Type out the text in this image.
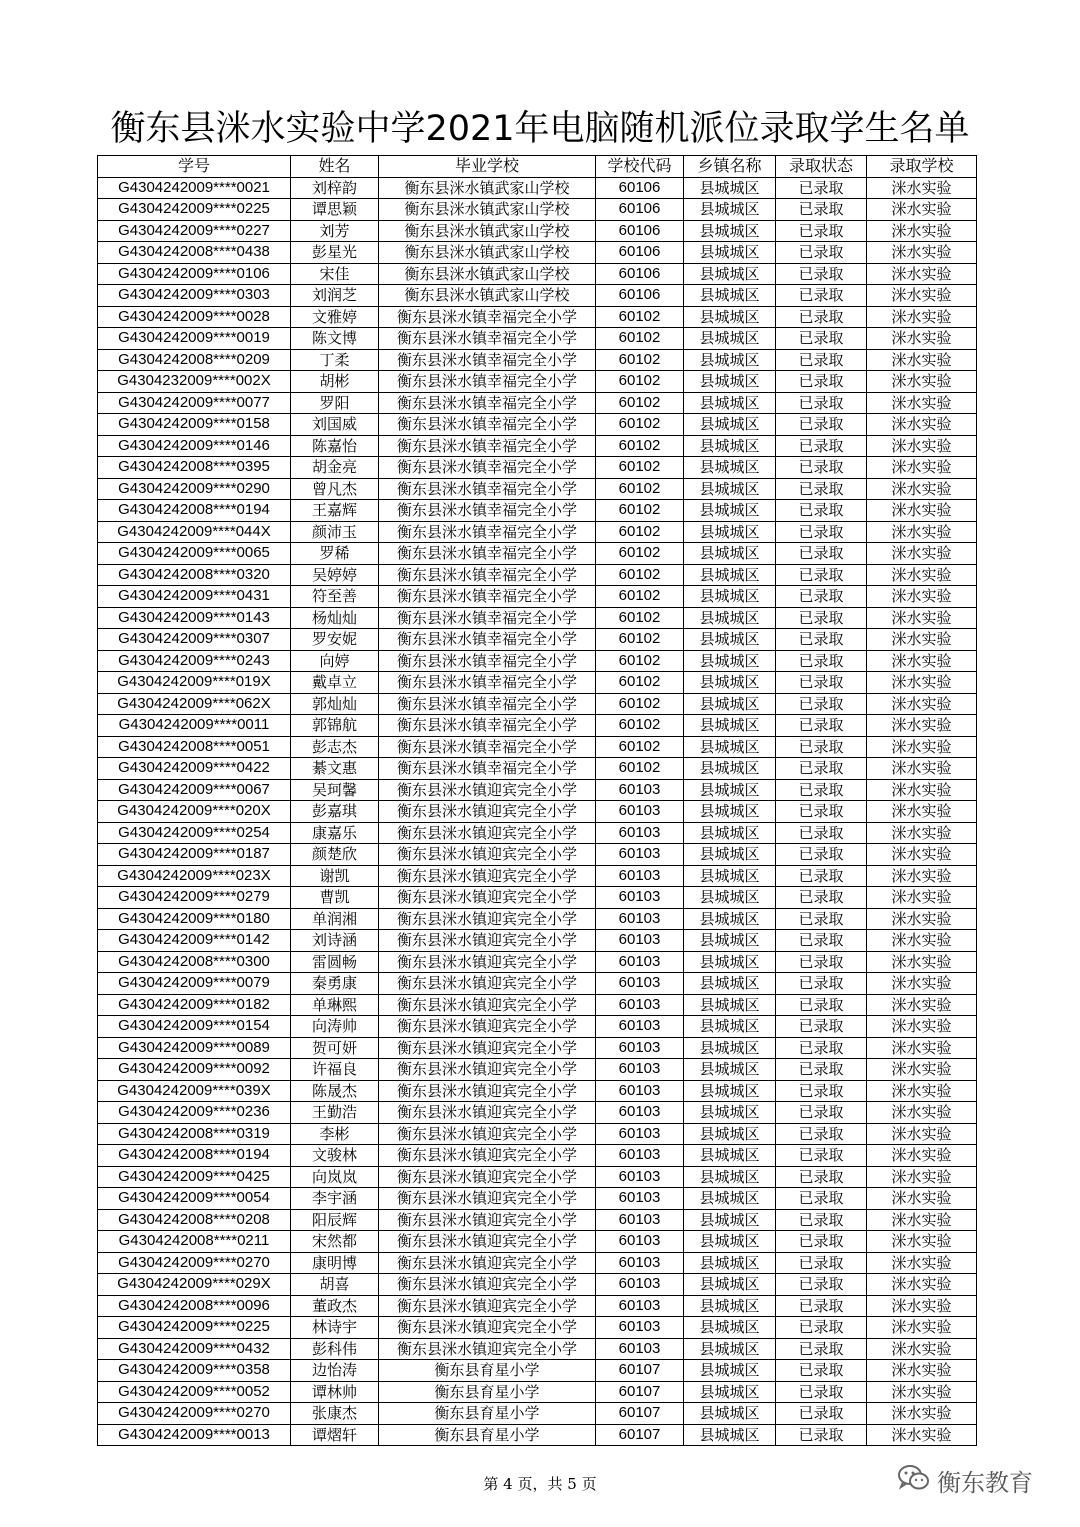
衡东县洣水实验中学2021年电脑随机派位录取学生名单
学号	姓名	毕业学校	学校代码	乡镇名称	录取状态	录取学校
G4304242009****0021	刘梓韵	衡东县洣水镇武家山学校	60106	县城城区	已录取	洣水实验
G4304242009****0225	谭思颖	衡东县洣水镇武家山学校	60106	县城城区	已录取	洣水实验
G4304242009****0227	刘芳	衡东县洣水镇武家山学校	60106	县城城区	已录取	洣水实验
G4304242008****0438	彭星光	衡东县洣水镇武家山学校	60106	县城城区	已录取	洣水实验
G4304242009****0106	宋佳	衡东县洣水镇武家山学校	60106	县城城区	已录取	洣水实验
G4304242009****0303	刘润芝	衡东县洣水镇武家山学校	60106	县城城区	已录取	洣水实验
G4304242009****0028	文雅婷	衡东县洣水镇幸福完全小学	60102	县城城区	已录取	洣水实验
G4304242009****0019	陈文博	衡东县洣水镇幸福完全小学	60102	县城城区	已录取	洣水实验
G4304242008****0209	丁柔	衡东县洣水镇幸福完全小学	60102	县城城区	已录取	洣水实验
G4304232009****002X	胡彬	衡东县洣水镇幸福完全小学	60102	县城城区	已录取	洣水实验
G4304242009****0077	罗阳	衡东县洣水镇幸福完全小学	60102	县城城区	已录取	洣水实验
G4304242009****0158	刘国威	衡东县洣水镇幸福完全小学	60102	县城城区	已录取	洣水实验
G4304242009****0146	陈嘉怡	衡东县洣水镇幸福完全小学	60102	县城城区	已录取	洣水实验
G4304242008****0395	胡金亮	衡东县洣水镇幸福完全小学	60102	县城城区	已录取	洣水实验
G4304242009****0290	曾凡杰	衡东县洣水镇幸福完全小学	60102	县城城区	已录取	洣水实验
G4304242008****0194	王嘉辉	衡东县洣水镇幸福完全小学	60102	县城城区	已录取	洣水实验
G4304242009****044X	颜沛玉	衡东县洣水镇幸福完全小学	60102	县城城区	已录取	洣水实验
G4304242009****0065	罗稀	衡东县洣水镇幸福完全小学	60102	县城城区	已录取	洣水实验
G4304242008****0320	吴婷婷	衡东县洣水镇幸福完全小学	60102	县城城区	已录取	洣水实验
G4304242009****0431	符至善	衡东县洣水镇幸福完全小学	60102	县城城区	已录取	洣水实验
G4304242009****0143	杨灿灿	衡东县洣水镇幸福完全小学	60102	县城城区	已录取	洣水实验
G4304242009****0307	罗安妮	衡东县洣水镇幸福完全小学	60102	县城城区	已录取	洣水实验
G4304242009****0243	向婷	衡东县洣水镇幸福完全小学	60102	县城城区	已录取	洣水实验
G4304242009****019X	戴卓立	衡东县洣水镇幸福完全小学	60102	县城城区	已录取	洣水实验
G4304242009****062X	郭灿灿	衡东县洣水镇幸福完全小学	60102	县城城区	已录取	洣水实验
G4304242009****0011	郭锦航	衡东县洣水镇幸福完全小学	60102	县城城区	已录取	洣水实验
G4304242008****0051	彭志杰	衡东县洣水镇幸福完全小学	60102	县城城区	已录取	洣水实验
G4304242009****0422	綦文惠	衡东县洣水镇幸福完全小学	60102	县城城区	已录取	洣水实验
G4304242009****0067	吴珂馨	衡东县洣水镇迎宾完全小学	60103	县城城区	已录取	洣水实验
G4304242009****020X	彭嘉琪	衡东县洣水镇迎宾完全小学	60103	县城城区	已录取	洣水实验
G4304242009****0254	康嘉乐	衡东县洣水镇迎宾完全小学	60103	县城城区	已录取	洣水实验
G4304242009****0187	颜楚欣	衡东县洣水镇迎宾完全小学	60103	县城城区	已录取	洣水实验
G4304242009****023X	谢凯	衡东县洣水镇迎宾完全小学	60103	县城城区	已录取	洣水实验
G4304242009****0279	曹凯	衡东县洣水镇迎宾完全小学	60103	县城城区	已录取	洣水实验
G4304242009****0180	单润湘	衡东县洣水镇迎宾完全小学	60103	县城城区	已录取	洣水实验
G4304242009****0142	刘诗涵	衡东县洣水镇迎宾完全小学	60103	县城城区	已录取	洣水实验
G4304242008****0300	雷圆畅	衡东县洣水镇迎宾完全小学	60103	县城城区	已录取	洣水实验
G4304242009****0079	秦勇康	衡东县洣水镇迎宾完全小学	60103	县城城区	已录取	洣水实验
G4304242009****0182	单琳熙	衡东县洣水镇迎宾完全小学	60103	县城城区	已录取	洣水实验
G4304242009****0154	向涛帅	衡东县洣水镇迎宾完全小学	60103	县城城区	已录取	洣水实验
G4304242009****0089	贺可妍	衡东县洣水镇迎宾完全小学	60103	县城城区	已录取	洣水实验
G4304242009****0092	许福良	衡东县洣水镇迎宾完全小学	60103	县城城区	已录取	洣水实验
G4304242009****039X	陈晟杰	衡东县洣水镇迎宾完全小学	60103	县城城区	已录取	洣水实验
G4304242009****0236	王勤浩	衡东县洣水镇迎宾完全小学	60103	县城城区	已录取	洣水实验
G4304242008****0319	李彬	衡东县洣水镇迎宾完全小学	60103	县城城区	已录取	洣水实验
G4304242008****0194	文骏林	衡东县洣水镇迎宾完全小学	60103	县城城区	已录取	洣水实验
G4304242009****0425	向岚岚	衡东县洣水镇迎宾完全小学	60103	县城城区	已录取	洣水实验
G4304242009****0054	李宇涵	衡东县洣水镇迎宾完全小学	60103	县城城区	已录取	洣水实验
G4304242008****0208	阳辰辉	衡东县洣水镇迎宾完全小学	60103	县城城区	已录取	洣水实验
G4304242008****0211	宋然都	衡东县洣水镇迎宾完全小学	60103	县城城区	已录取	洣水实验
G4304242009****0270	康明博	衡东县洣水镇迎宾完全小学	60103	县城城区	已录取	洣水实验
G4304242009****029X	胡喜	衡东县洣水镇迎宾完全小学	60103	县城城区	已录取	洣水实验
G4304242008****0096	董政杰	衡东县洣水镇迎宾完全小学	60103	县城城区	已录取	洣水实验
G4304242009****0225	林诗宇	衡东县洣水镇迎宾完全小学	60103	县城城区	已录取	洣水实验
G4304242009****0432	彭科伟	衡东县洣水镇迎宾完全小学	60103	县城城区	已录取	洣水实验
G4304242009****0358	边怡涛	衡东县育星小学	60107	县城城区	已录取	洣水实验
G4304242009****0052	谭林帅	衡东县育星小学	60107	县城城区	已录取	洣水实验
G4304242009****0270	张康杰	衡东县育星小学	60107	县城城区	已录取	洣水实验
G4304242009****0013	谭熠轩	衡东县育星小学	60107	县城城区	已录取	洣水实验
第 4 页，共 5 页	衡东教育
